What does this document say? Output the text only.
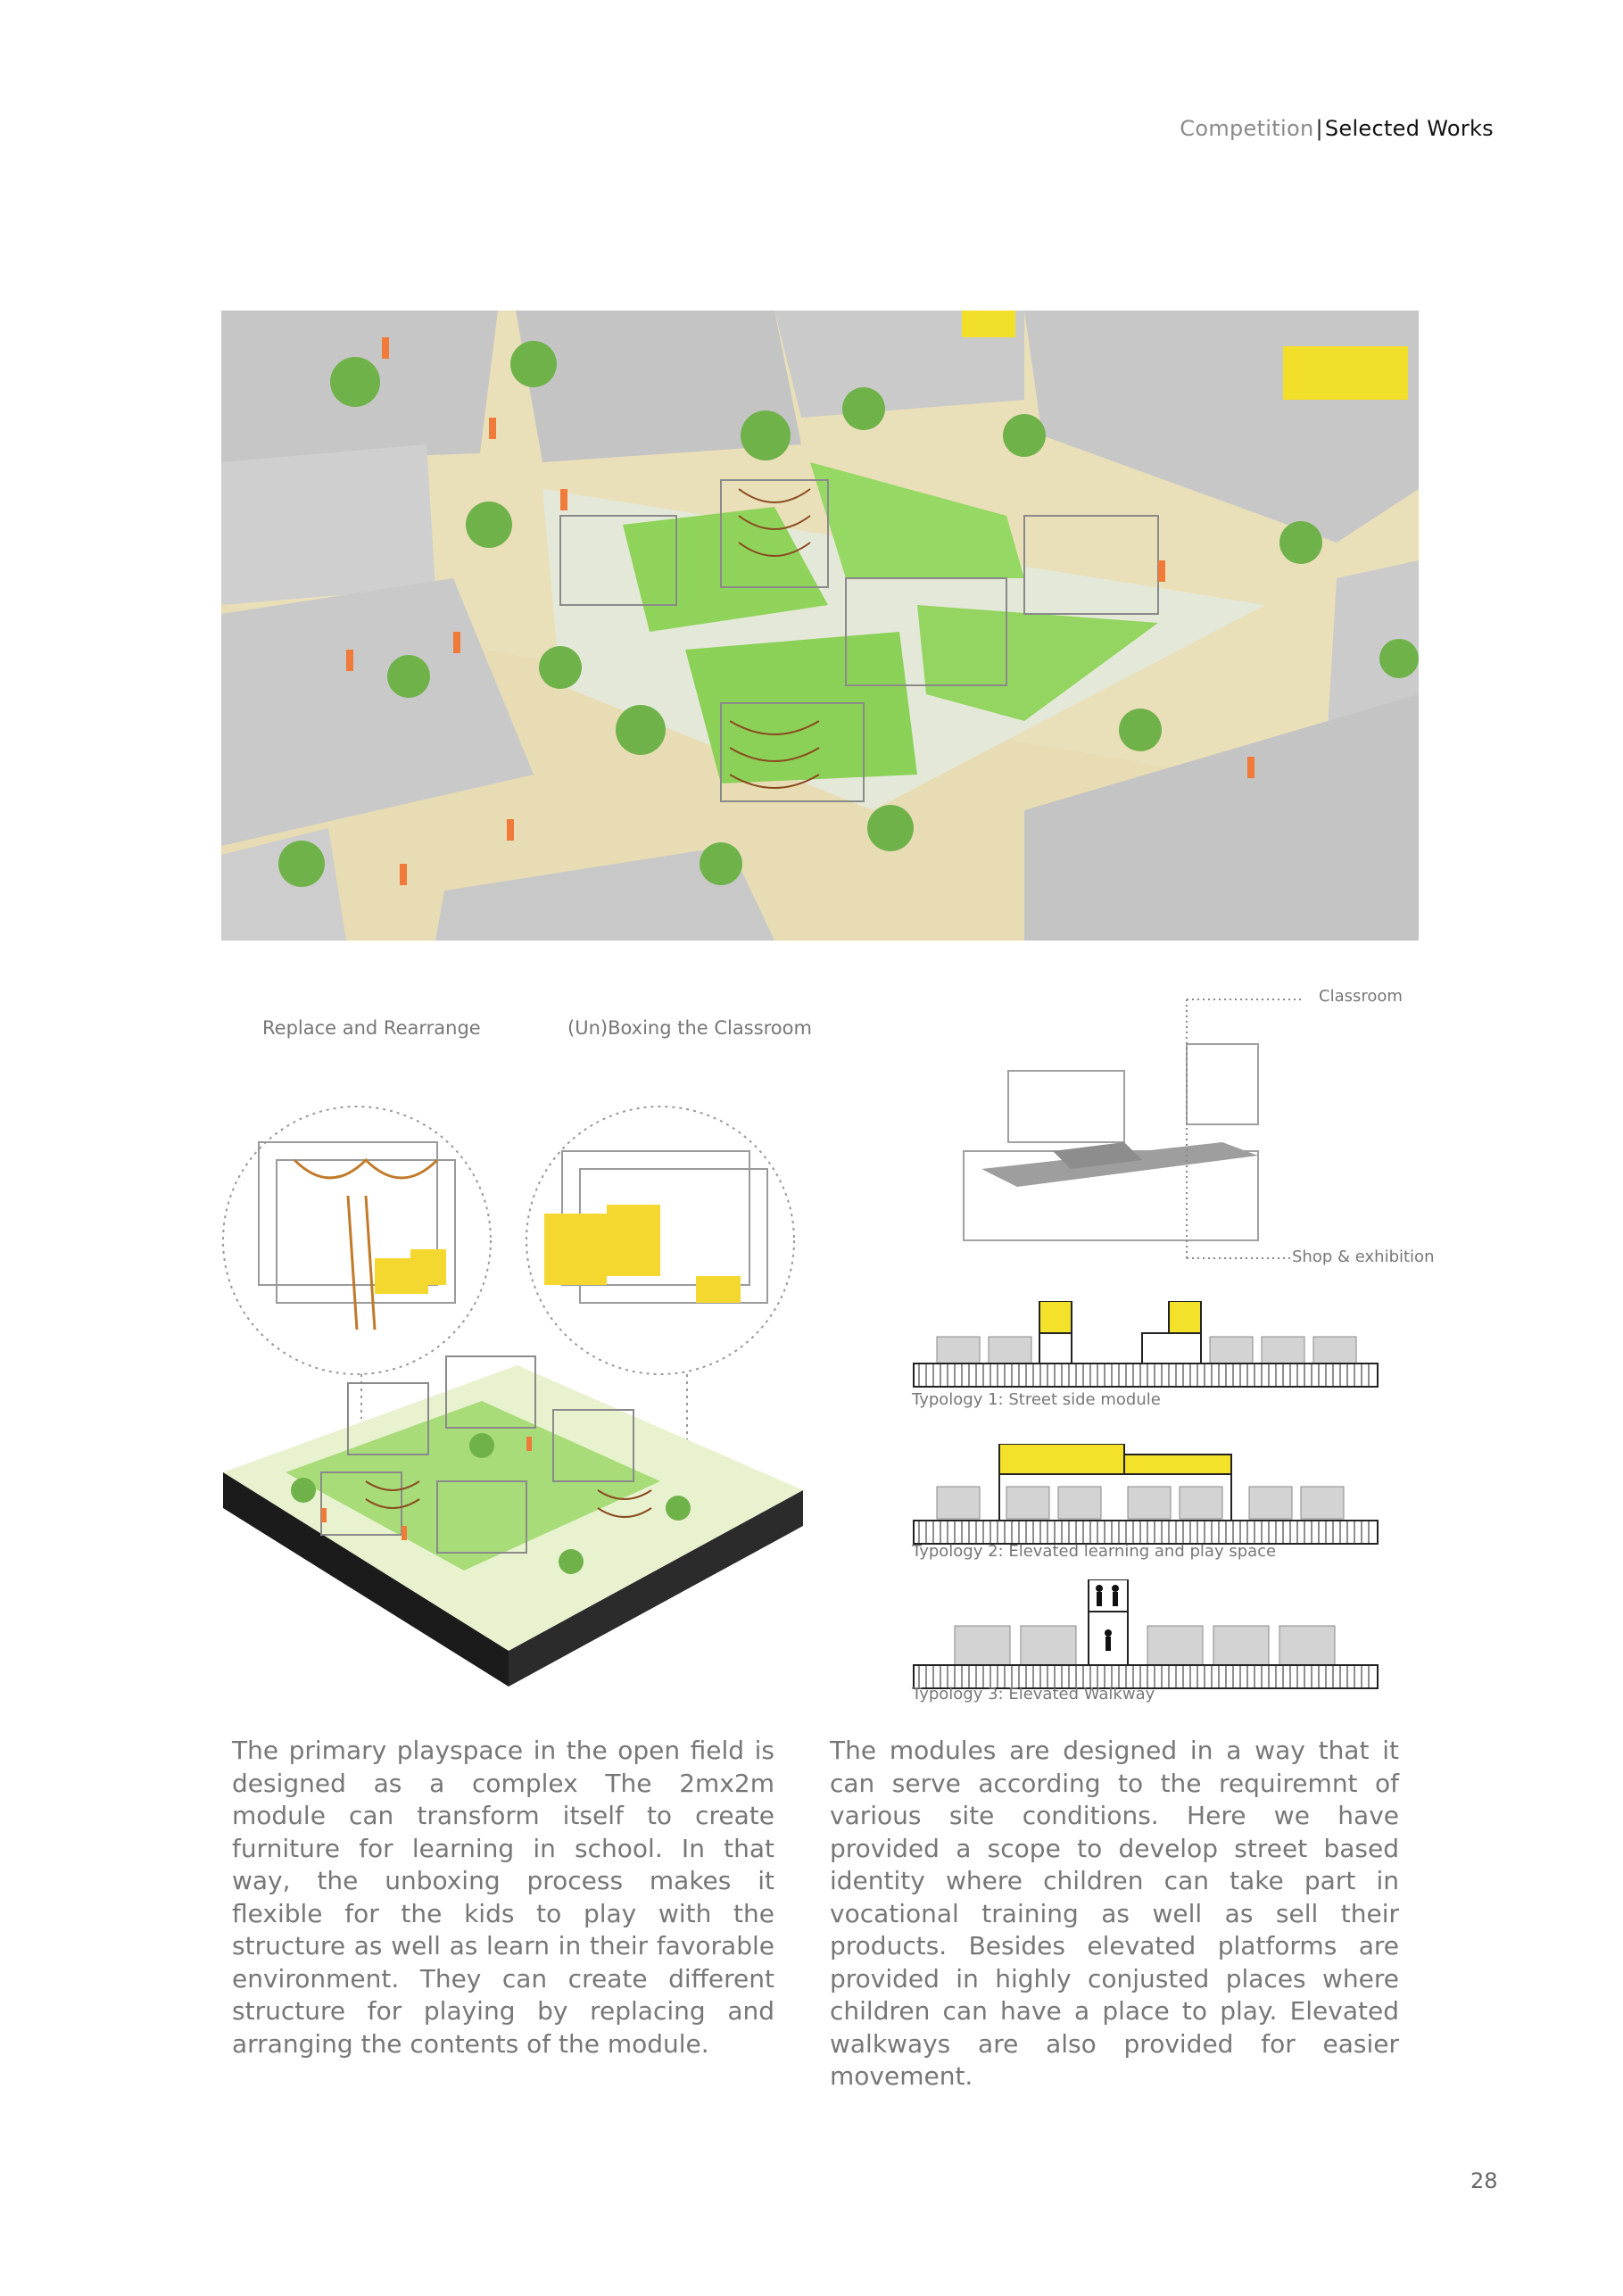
Competition|Selected Works
Replace and Rearrange	(Un)Boxing the Classroom
Classroom
Shop & exhibition
Typology 1: Street side module
Typology 2: Elevated learning and play space
Typology 3: Elevated Walkway
The primary playspace in the open field is designed as a complex The 2mx2m module can transform itself to create furniture for learning in school. In that way, the unboxing process makes it flexible for the kids to play with the structure as well as learn in their favorable environment. They can create different structure for playing by replacing and arranging the contents of the module.
The modules are designed in a way that it can serve according to the requiremnt of various site conditions. Here we have provided a scope to develop street based identity where children can take part in vocational training as well as sell their products. Besides elevated platforms are provided in highly conjusted places where children can have a place to play. Elevated walkways are also provided for easier movement.
28
